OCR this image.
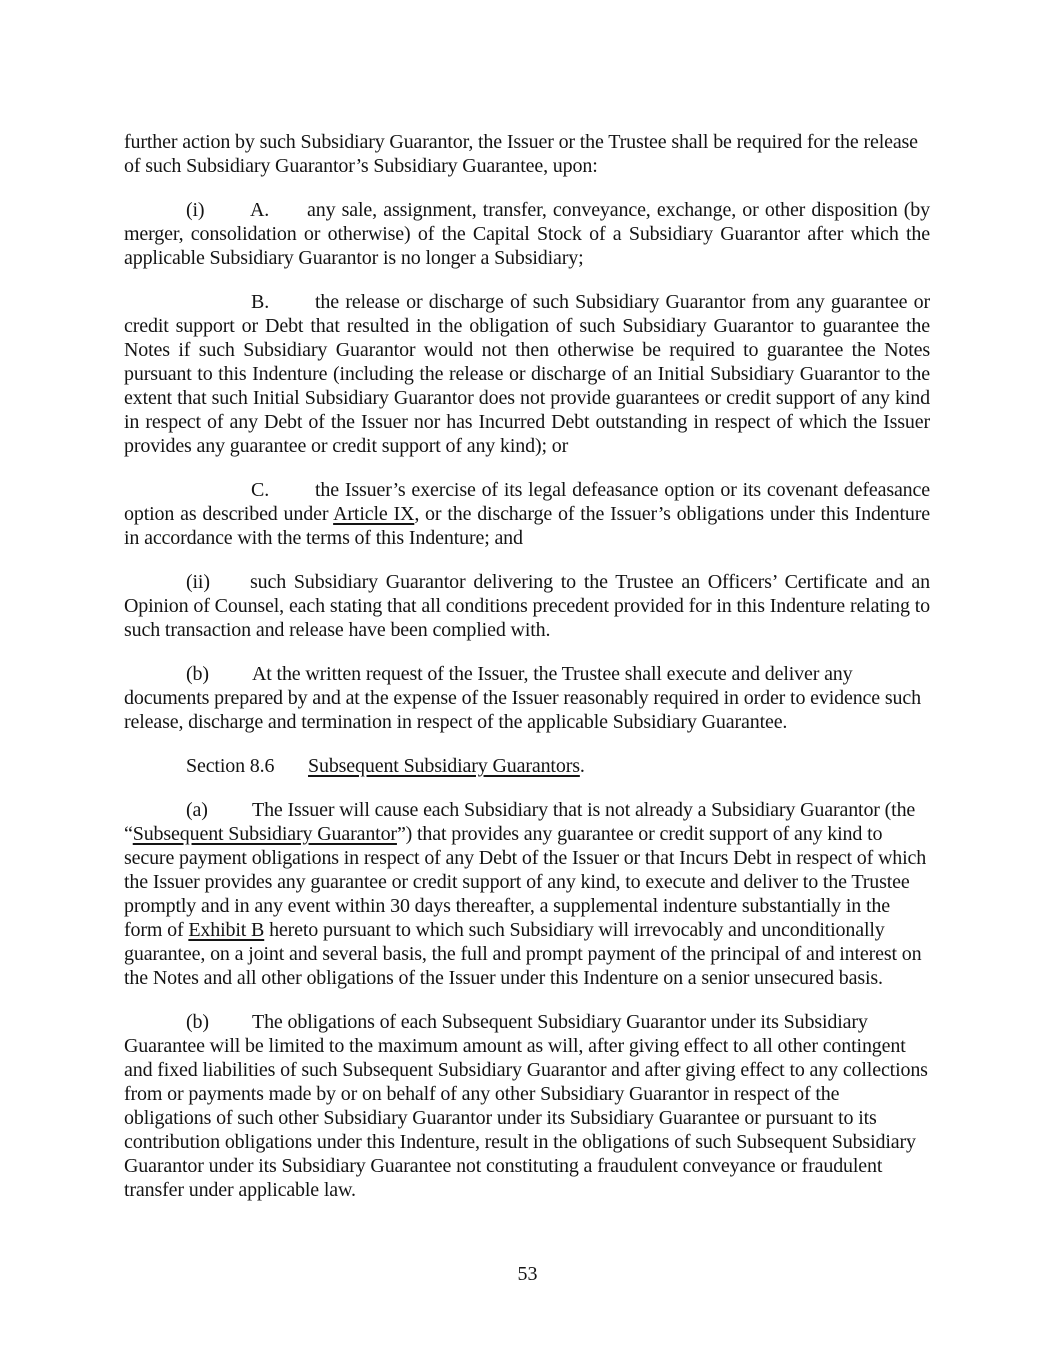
further action by such Subsidiary Guarantor, the Issuer or the Trustee shall be required for the release of such Subsidiary Guarantor’s Subsidiary Guarantee, upon:

(i) A. any sale, assignment, transfer, conveyance, exchange, or other disposition (by merger, consolidation or otherwise) of the Capital Stock of a Subsidiary Guarantor after which the applicable Subsidiary Guarantor is no longer a Subsidiary;

B. the release or discharge of such Subsidiary Guarantor from any guarantee or credit support or Debt that resulted in the obligation of such Subsidiary Guarantor to guarantee the Notes if such Subsidiary Guarantor would not then otherwise be required to guarantee the Notes pursuant to this Indenture (including the release or discharge of an Initial Subsidiary Guarantor to the extent that such Initial Subsidiary Guarantor does not provide guarantees or credit support of any kind in respect of any Debt of the Issuer nor has Incurred Debt outstanding in respect of which the Issuer provides any guarantee or credit support of any kind); or

C. the Issuer’s exercise of its legal defeasance option or its covenant defeasance option as described under Article IX, or the discharge of the Issuer’s obligations under this Indenture in accordance with the terms of this Indenture; and

(ii) such Subsidiary Guarantor delivering to the Trustee an Officers’ Certificate and an Opinion of Counsel, each stating that all conditions precedent provided for in this Indenture relating to such transaction and release have been complied with.

(b) At the written request of the Issuer, the Trustee shall execute and deliver any documents prepared by and at the expense of the Issuer reasonably required in order to evidence such release, discharge and termination in respect of the applicable Subsidiary Guarantee.

Section 8.6 Subsequent Subsidiary Guarantors.

(a) The Issuer will cause each Subsidiary that is not already a Subsidiary Guarantor (the “Subsequent Subsidiary Guarantor”) that provides any guarantee or credit support of any kind to secure payment obligations in respect of any Debt of the Issuer or that Incurs Debt in respect of which the Issuer provides any guarantee or credit support of any kind, to execute and deliver to the Trustee promptly and in any event within 30 days thereafter, a supplemental indenture substantially in the form of Exhibit B hereto pursuant to which such Subsidiary will irrevocably and unconditionally guarantee, on a joint and several basis, the full and prompt payment of the principal of and interest on the Notes and all other obligations of the Issuer under this Indenture on a senior unsecured basis.

(b) The obligations of each Subsequent Subsidiary Guarantor under its Subsidiary Guarantee will be limited to the maximum amount as will, after giving effect to all other contingent and fixed liabilities of such Subsequent Subsidiary Guarantor and after giving effect to any collections from or payments made by or on behalf of any other Subsidiary Guarantor in respect of the obligations of such other Subsidiary Guarantor under its Subsidiary Guarantee or pursuant to its contribution obligations under this Indenture, result in the obligations of such Subsequent Subsidiary Guarantor under its Subsidiary Guarantee not constituting a fraudulent conveyance or fraudulent transfer under applicable law.

53
